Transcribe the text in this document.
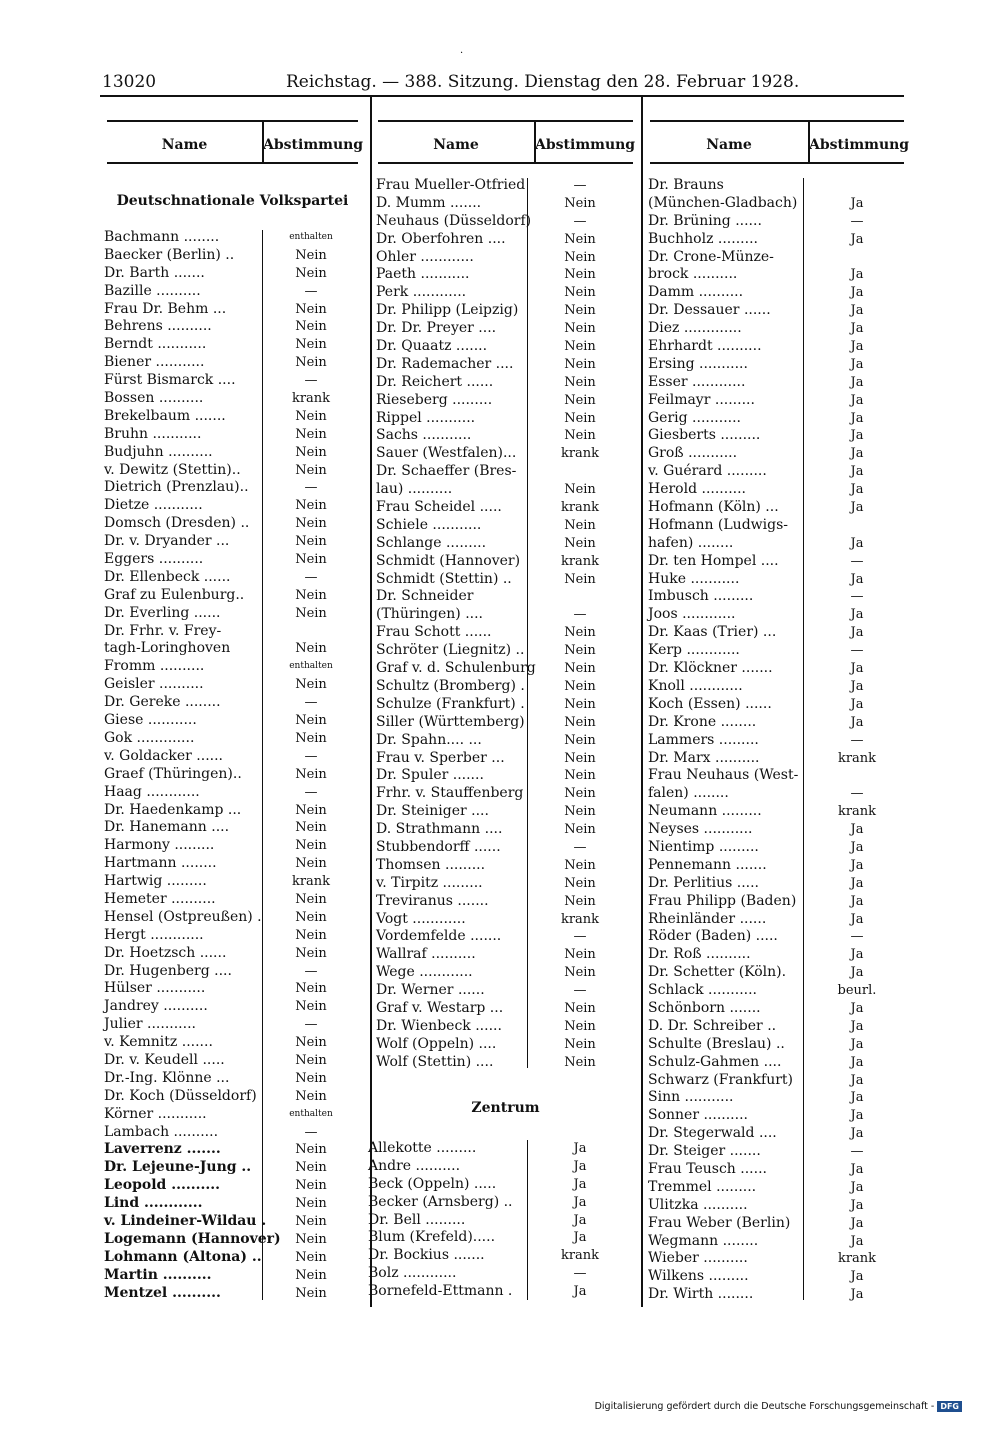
13020	Reichstag. — 388. Sitzung. Dienstag den 28. Februar 1928.
·
Name	Abstimmung	Name	Abstimmung	Name	Abstimmung
Deutschnationale Volkspartei
Zentrum
Bachmann ........	enthalten
Baecker (Berlin) ..	Nein
Dr. Barth .......	Nein
Bazille ..........	—
Frau Dr. Behm ...	Nein
Behrens ..........	Nein
Berndt ...........	Nein
Biener ...........	Nein
Fürst Bismarck ....	—
Bossen ..........	krank
Brekelbaum .......	Nein
Bruhn ...........	Nein
Budjuhn ..........	Nein
v. Dewitz (Stettin)..	Nein
Dietrich (Prenzlau)..	—
Dietze ...........	Nein
Domsch (Dresden) ..	Nein
Dr. v. Dryander ...	Nein
Eggers ..........	Nein
Dr. Ellenbeck ......	—
Graf zu Eulenburg..	Nein
Dr. Everling ......	Nein
Dr. Frhr. v. Frey-
tagh-Loringhoven	Nein
Fromm ..........	enthalten
Geisler ..........	Nein
Dr. Gereke ........	—
Giese ...........	Nein
Gok .............	Nein
v. Goldacker ......	—
Graef (Thüringen)..	Nein
Haag ............	—
Dr. Haedenkamp ...	Nein
Dr. Hanemann ....	Nein
Harmony .........	Nein
Hartmann ........	Nein
Hartwig .........	krank
Hemeter ..........	Nein
Hensel (Ostpreußen) .	Nein
Hergt ............	Nein
Dr. Hoetzsch ......	Nein
Dr. Hugenberg ....	—
Hülser ...........	Nein
Jandrey ..........	Nein
Julier ...........	—
v. Kemnitz .......	Nein
Dr. v. Keudell .....	Nein
Dr.-Ing. Klönne ...	Nein
Dr. Koch (Düsseldorf)	Nein
Körner ...........	enthalten
Lambach ..........	—
Laverrenz .......	Nein
Dr. Lejeune-Jung ..	Nein
Leopold ..........	Nein
Lind ............	Nein
v. Lindeiner-Wildau .	Nein
Logemann (Hannover)	Nein
Lohmann (Altona) ..	Nein
Martin ..........	Nein
Mentzel ..........	Nein
Frau Mueller-Otfried	—
D. Mumm .......	Nein
Neuhaus (Düsseldorf)	—
Dr. Oberfohren ....	Nein
Ohler ............	Nein
Paeth ...........	Nein
Perk ............	Nein
Dr. Philipp (Leipzig)	Nein
Dr. Dr. Preyer ....	Nein
Dr. Quaatz .......	Nein
Dr. Rademacher ....	Nein
Dr. Reichert ......	Nein
Rieseberg .........	Nein
Rippel ...........	Nein
Sachs ...........	Nein
Sauer (Westfalen)...	krank
Dr. Schaeffer (Bres-
lau) ..........	Nein
Frau Scheidel .....	krank
Schiele ...........	Nein
Schlange .........	Nein
Schmidt (Hannover)	krank
Schmidt (Stettin) ..	Nein
Dr. Schneider
(Thüringen) ....	—
Frau Schott ......	Nein
Schröter (Liegnitz) ..	Nein
Graf v. d. Schulenburg	Nein
Schultz (Bromberg) .	Nein
Schulze (Frankfurt) .	Nein
Siller (Württemberg)	Nein
Dr. Spahn.... ...	Nein
Frau v. Sperber ...	Nein
Dr. Spuler .......	Nein
Frhr. v. Stauffenberg	Nein
Dr. Steiniger ....	Nein
D. Strathmann ....	Nein
Stubbendorff ......	—
Thomsen .........	Nein
v. Tirpitz .........	Nein
Treviranus .......	Nein
Vogt ............	krank
Vordemfelde .......	—
Wallraf ..........	Nein
Wege ............	Nein
Dr. Werner ......	—
Graf v. Westarp ...	Nein
Dr. Wienbeck ......	Nein
Wolf (Oppeln) ....	Nein
Wolf (Stettin) ....	Nein
Allekotte .........	Ja
Andre ..........	Ja
Beck (Oppeln) .....	Ja
Becker (Arnsberg) ..	Ja
Dr. Bell .........	Ja
Blum (Krefeld).....	Ja
Dr. Bockius .......	krank
Bolz ............	—
Bornefeld-Ettmann .	Ja
Dr. Brauns
(München-Gladbach)	Ja
Dr. Brüning ......	—
Buchholz .........	Ja
Dr. Crone-Münze-
brock ..........	Ja
Damm ..........	Ja
Dr. Dessauer ......	Ja
Diez .............	Ja
Ehrhardt ..........	Ja
Ersing ...........	Ja
Esser ............	Ja
Feilmayr .........	Ja
Gerig ...........	Ja
Giesberts .........	Ja
Groß ...........	Ja
v. Guérard .........	Ja
Herold ..........	Ja
Hofmann (Köln) ...	Ja
Hofmann (Ludwigs-
hafen) ........	Ja
Dr. ten Hompel ....	—
Huke ...........	Ja
Imbusch .........	—
Joos ............	Ja
Dr. Kaas (Trier) ...	Ja
Kerp ............	—
Dr. Klöckner .......	Ja
Knoll ............	Ja
Koch (Essen) ......	Ja
Dr. Krone ........	Ja
Lammers .........	—
Dr. Marx ..........	krank
Frau Neuhaus (West-
falen) ........	—
Neumann .........	krank
Neyses ...........	Ja
Nientimp .........	Ja
Pennemann .......	Ja
Dr. Perlitius .....	Ja
Frau Philipp (Baden)	Ja
Rheinländer ......	Ja
Röder (Baden) .....	—
Dr. Roß ..........	Ja
Dr. Schetter (Köln).	Ja
Schlack ...........	beurl.
Schönborn .......	Ja
D. Dr. Schreiber ..	Ja
Schulte (Breslau) ..	Ja
Schulz-Gahmen ....	Ja
Schwarz (Frankfurt)	Ja
Sinn ...........	Ja
Sonner ..........	Ja
Dr. Stegerwald ....	Ja
Dr. Steiger .......	—
Frau Teusch ......	Ja
Tremmel .........	Ja
Ulitzka ..........	Ja
Frau Weber (Berlin)	Ja
Wegmann ........	Ja
Wieber ..........	krank
Wilkens .........	Ja
Dr. Wirth ........	Ja
Digitalisierung gefördert durch die Deutsche Forschungsgemeinschaft - DFG
